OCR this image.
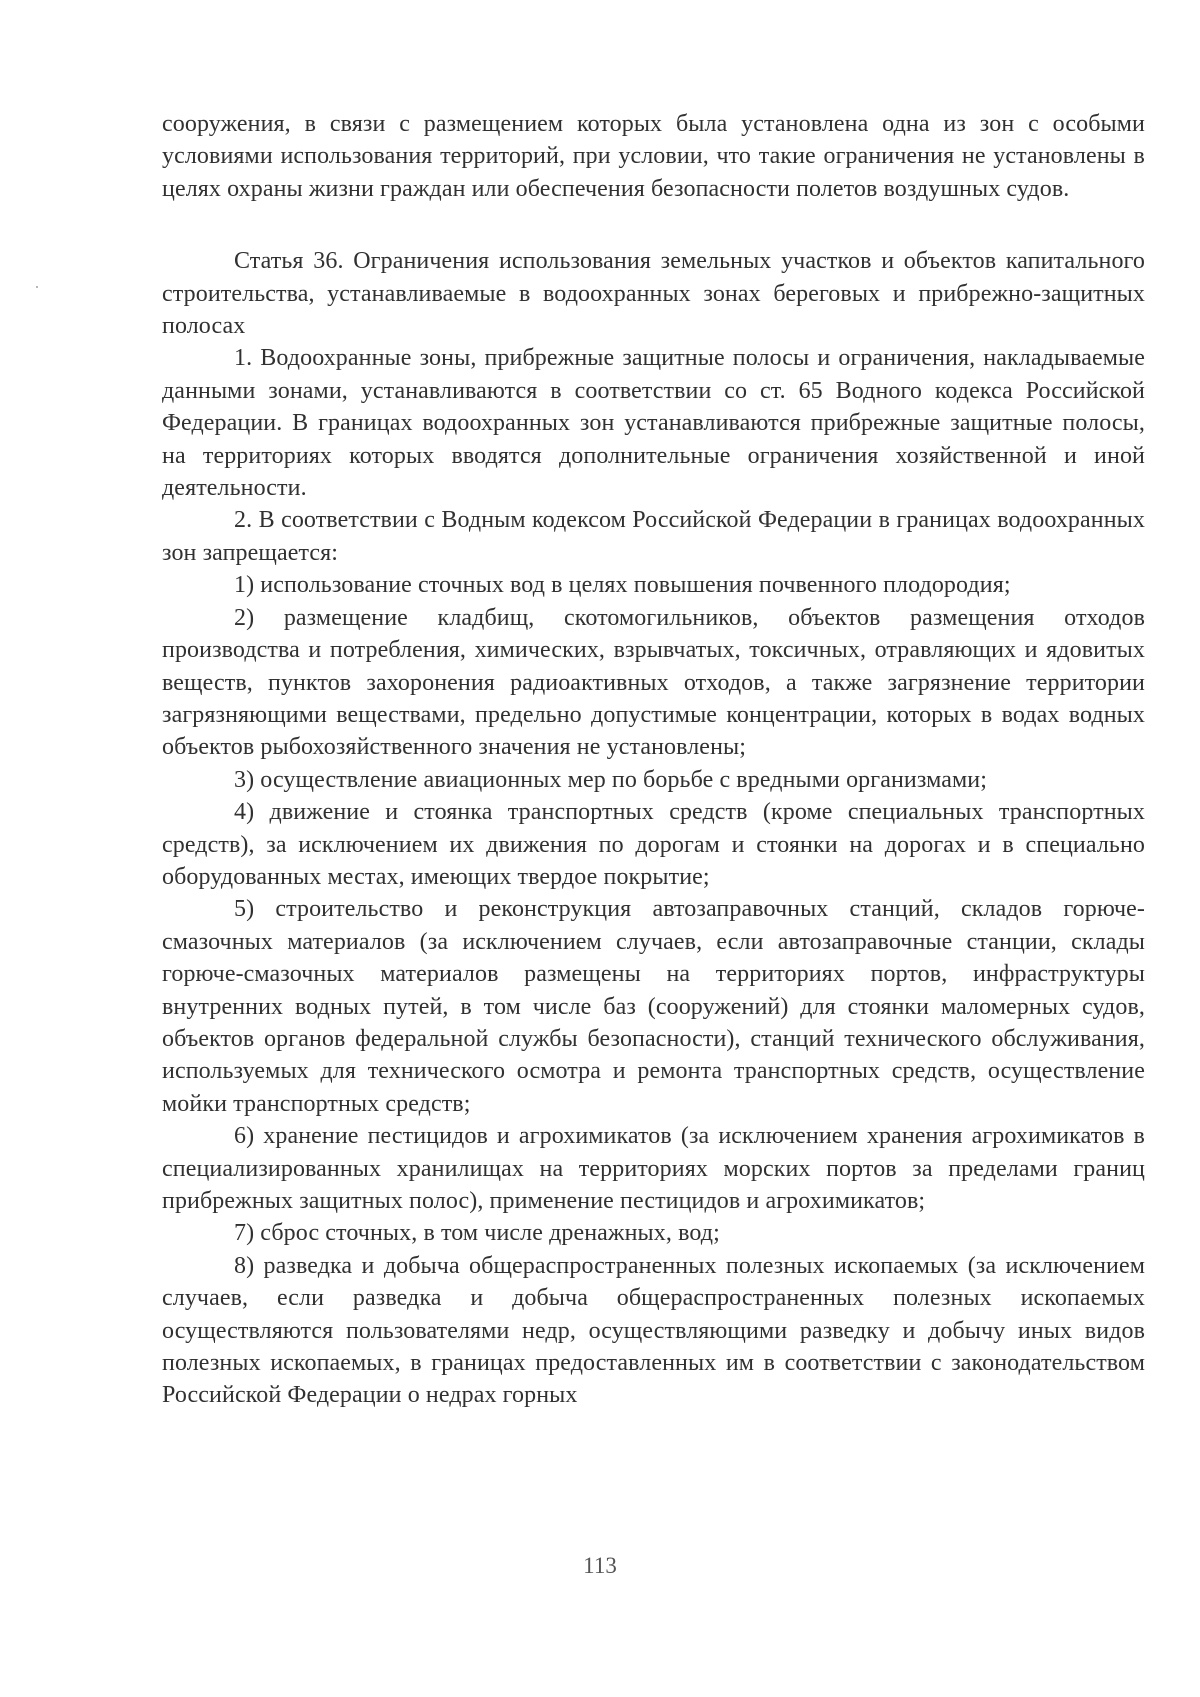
сооружения, в связи с размещением которых была установлена одна из зон с особыми условиями использования территорий, при условии, что такие ограничения не установлены в целях охраны жизни граждан или обеспечения безопасности полетов воздушных судов.

Статья 36. Ограничения использования земельных участков и объектов капитального строительства, устанавливаемые в водоохранных зонах береговых и прибрежно-защитных полосах

1. Водоохранные зоны, прибрежные защитные полосы и ограничения, накладываемые данными зонами, устанавливаются в соответствии со ст. 65 Водного кодекса Российской Федерации. В границах водоохранных зон устанавливаются прибрежные защитные полосы, на территориях которых вводятся дополнительные ограничения хозяйственной и иной деятельности.

2. В соответствии с Водным кодексом Российской Федерации в границах водоохранных зон запрещается:

1) использование сточных вод в целях повышения почвенного плодородия;

2) размещение кладбищ, скотомогильников, объектов размещения отходов производства и потребления, химических, взрывчатых, токсичных, отравляющих и ядовитых веществ, пунктов захоронения радиоактивных отходов, а также загрязнение территории загрязняющими веществами, предельно допустимые концентрации, которых в водах водных объектов рыбохозяйственного значения не установлены;

3) осуществление авиационных мер по борьбе с вредными организмами;

4) движение и стоянка транспортных средств (кроме специальных транспортных средств), за исключением их движения по дорогам и стоянки на дорогах и в специально оборудованных местах, имеющих твердое покрытие;

5) строительство и реконструкция автозаправочных станций, складов горюче-смазочных материалов (за исключением случаев, если автозаправочные станции, склады горюче-смазочных материалов размещены на территориях портов, инфраструктуры внутренних водных путей, в том числе баз (сооружений) для стоянки маломерных судов, объектов органов федеральной службы безопасности), станций технического обслуживания, используемых для технического осмотра и ремонта транспортных средств, осуществление мойки транспортных средств;

6) хранение пестицидов и агрохимикатов (за исключением хранения агрохимикатов в специализированных хранилищах на территориях морских портов за пределами границ прибрежных защитных полос), применение пестицидов и агрохимикатов;

7) сброс сточных, в том числе дренажных, вод;

8) разведка и добыча общераспространенных полезных ископаемых (за исключением случаев, если разведка и добыча общераспространенных полезных ископаемых осуществляются пользователями недр, осуществляющими разведку и добычу иных видов полезных ископаемых, в границах предоставленных им в соответствии с законодательством Российской Федерации о недрах горных

113
